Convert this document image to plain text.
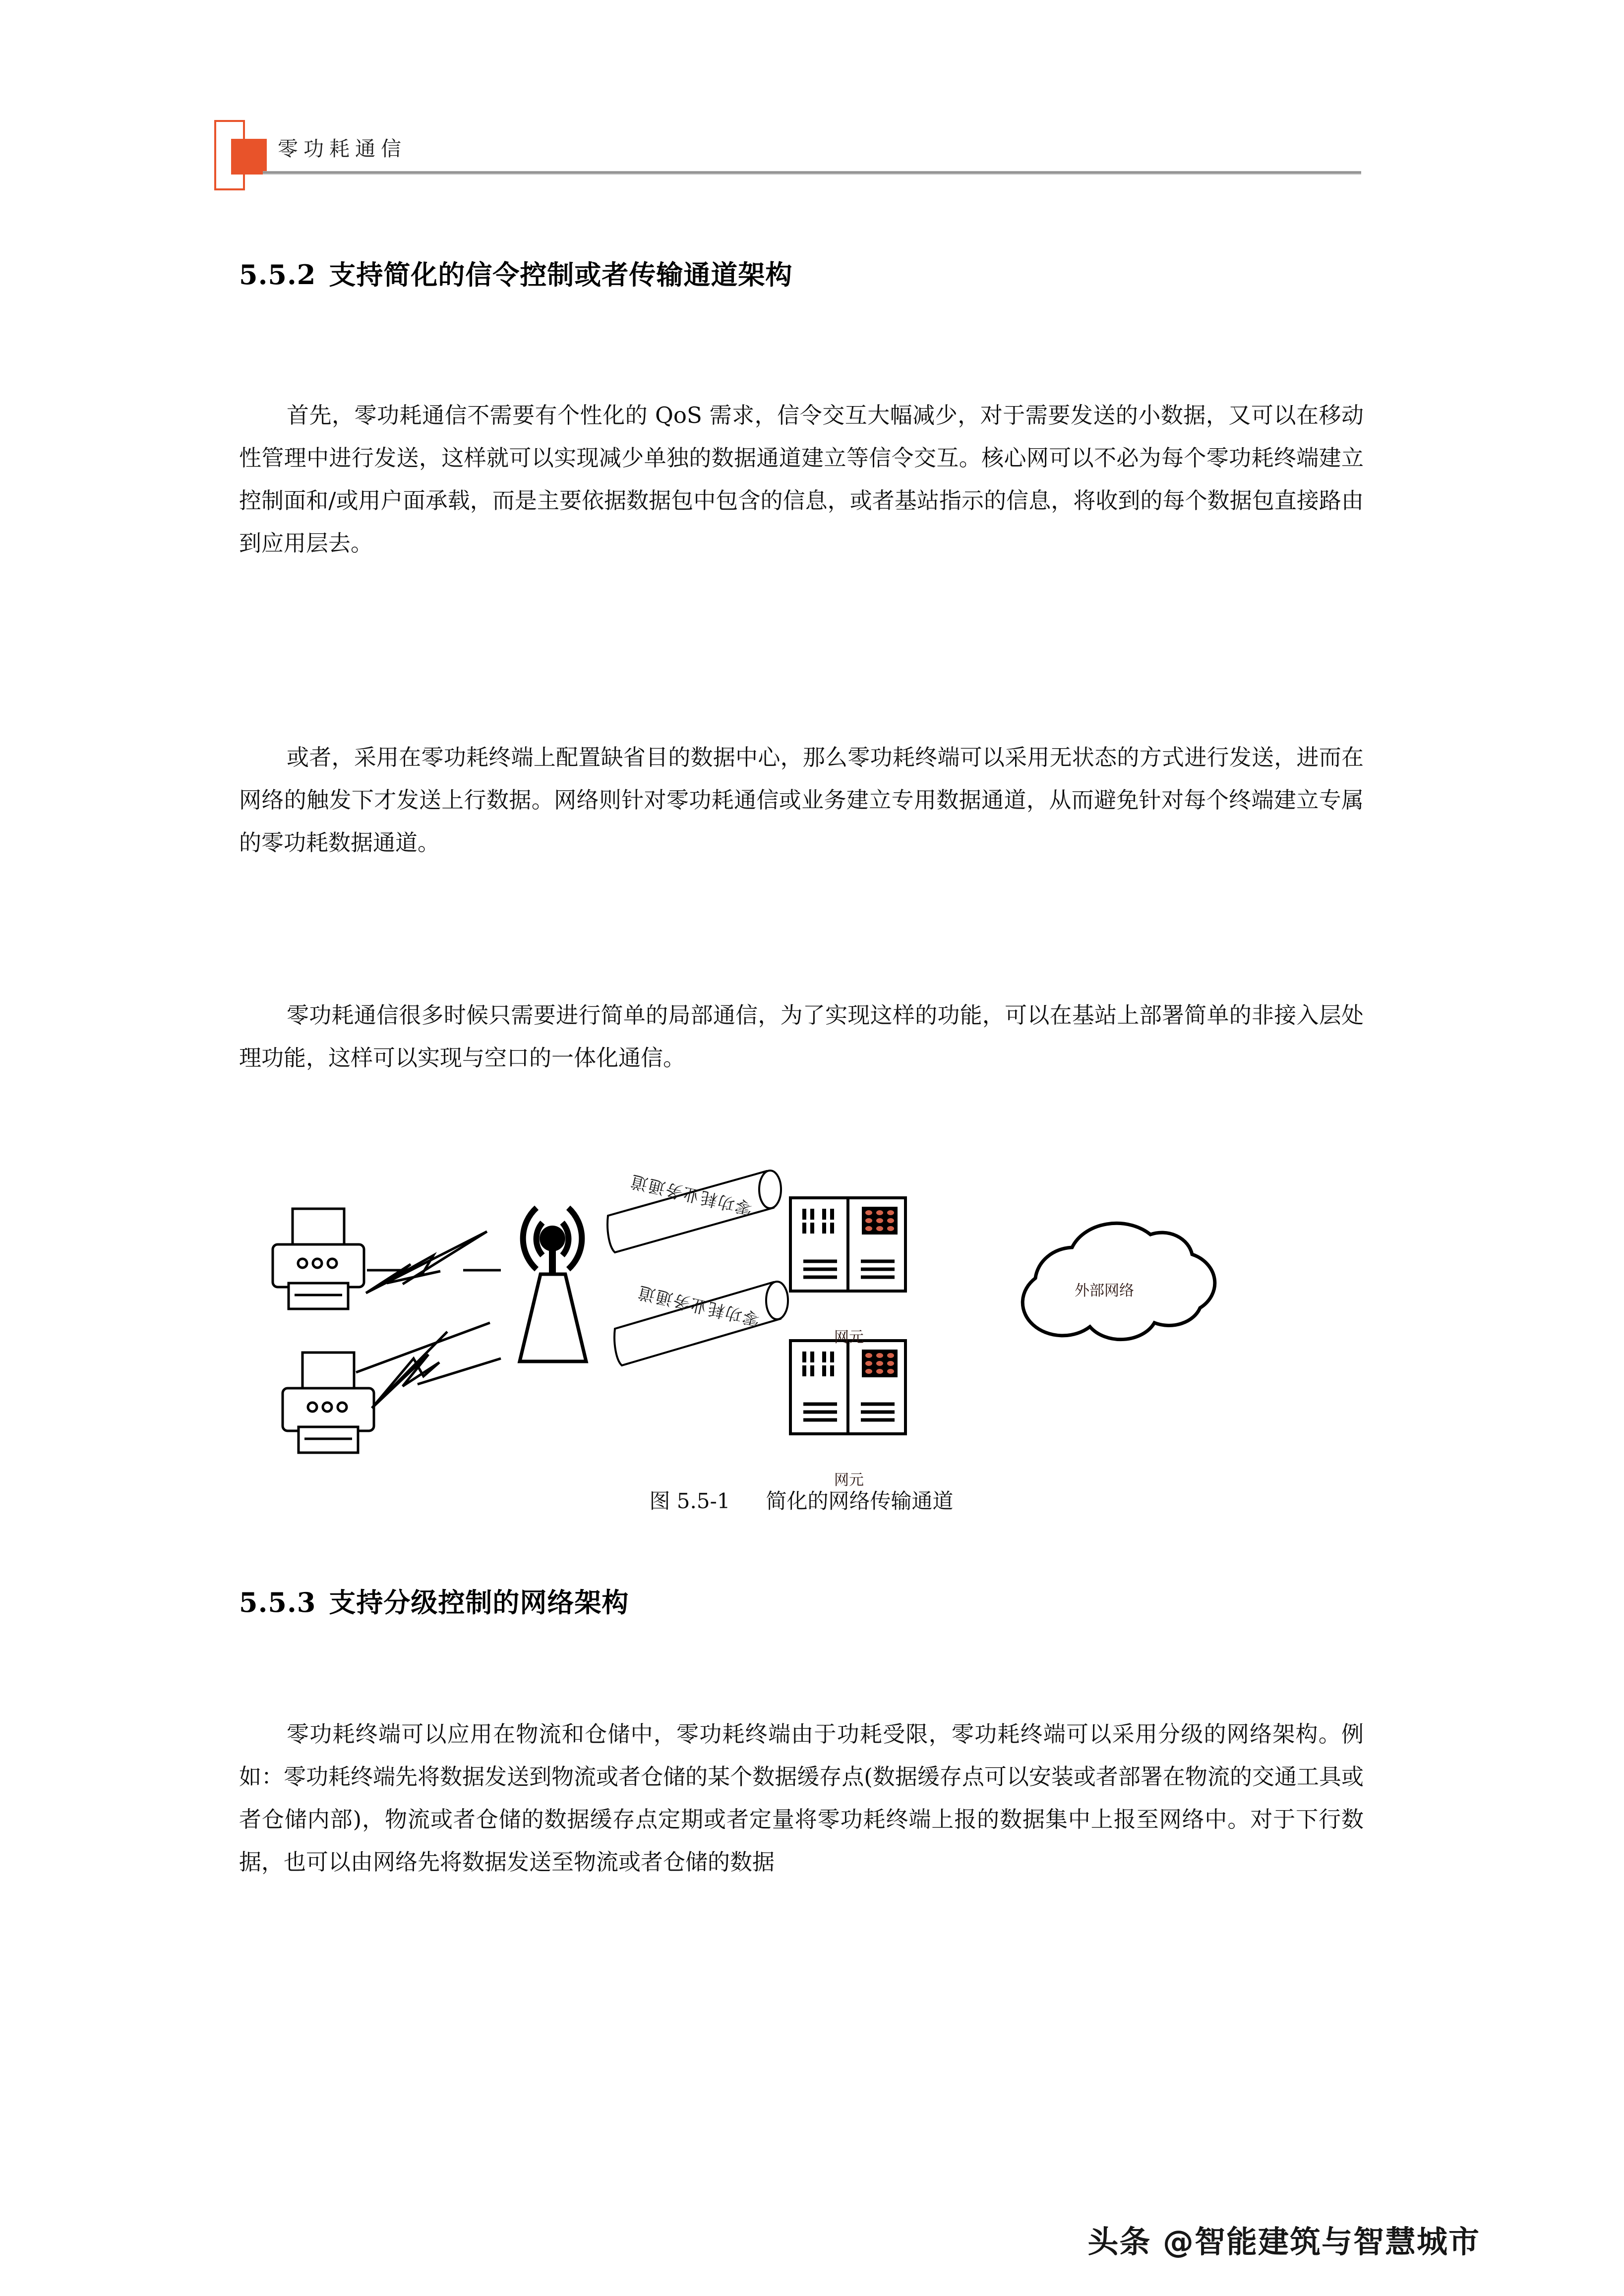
零功耗通信
5.5.2 支持简化的信令控制或者传输通道架构

首先，零功耗通信不需要有个性化的 QoS 需求，信令交互大幅减少，对于需要发送的小数据，又可以在移动性管理中进行发送，这样就可以实现减少单独的数据通道建立等信令交互。核心网可以不必为每个零功耗终端建立控制面和/或用户面承载，而是主要依据数据包中包含的信息，或者基站指示的信息，将收到的每个数据包直接路由到应用层去。

或者，采用在零功耗终端上配置缺省目的数据中心，那么零功耗终端可以采用无状态的方式进行发送，进而在网络的触发下才发送上行数据。网络则针对零功耗通信或业务建立专用数据通道，从而避免针对每个终端建立专属的零功耗数据通道。

零功耗通信很多时候只需要进行简单的局部通信，为了实现这样的功能，可以在基站上部署简单的非接入层处理功能，这样可以实现与空口的一体化通信。

零功耗业务通道
零功耗业务通道
网元
网元
外部网络
图 5.5-1 简化的网络传输通道
5.5.3 支持分级控制的网络架构

零功耗终端可以应用在物流和仓储中，零功耗终端由于功耗受限，零功耗终端可以采用分级的网络架构。例如：零功耗终端先将数据发送到物流或者仓储的某个数据缓存点(数据缓存点可以安装或者部署在物流的交通工具或者仓储内部)，物流或者仓储的数据缓存点定期或者定量将零功耗终端上报的数据集中上报至网络中。对于下行数据，也可以由网络先将数据发送至物流或者仓储的数据

头条 @智能建筑与智慧城市
